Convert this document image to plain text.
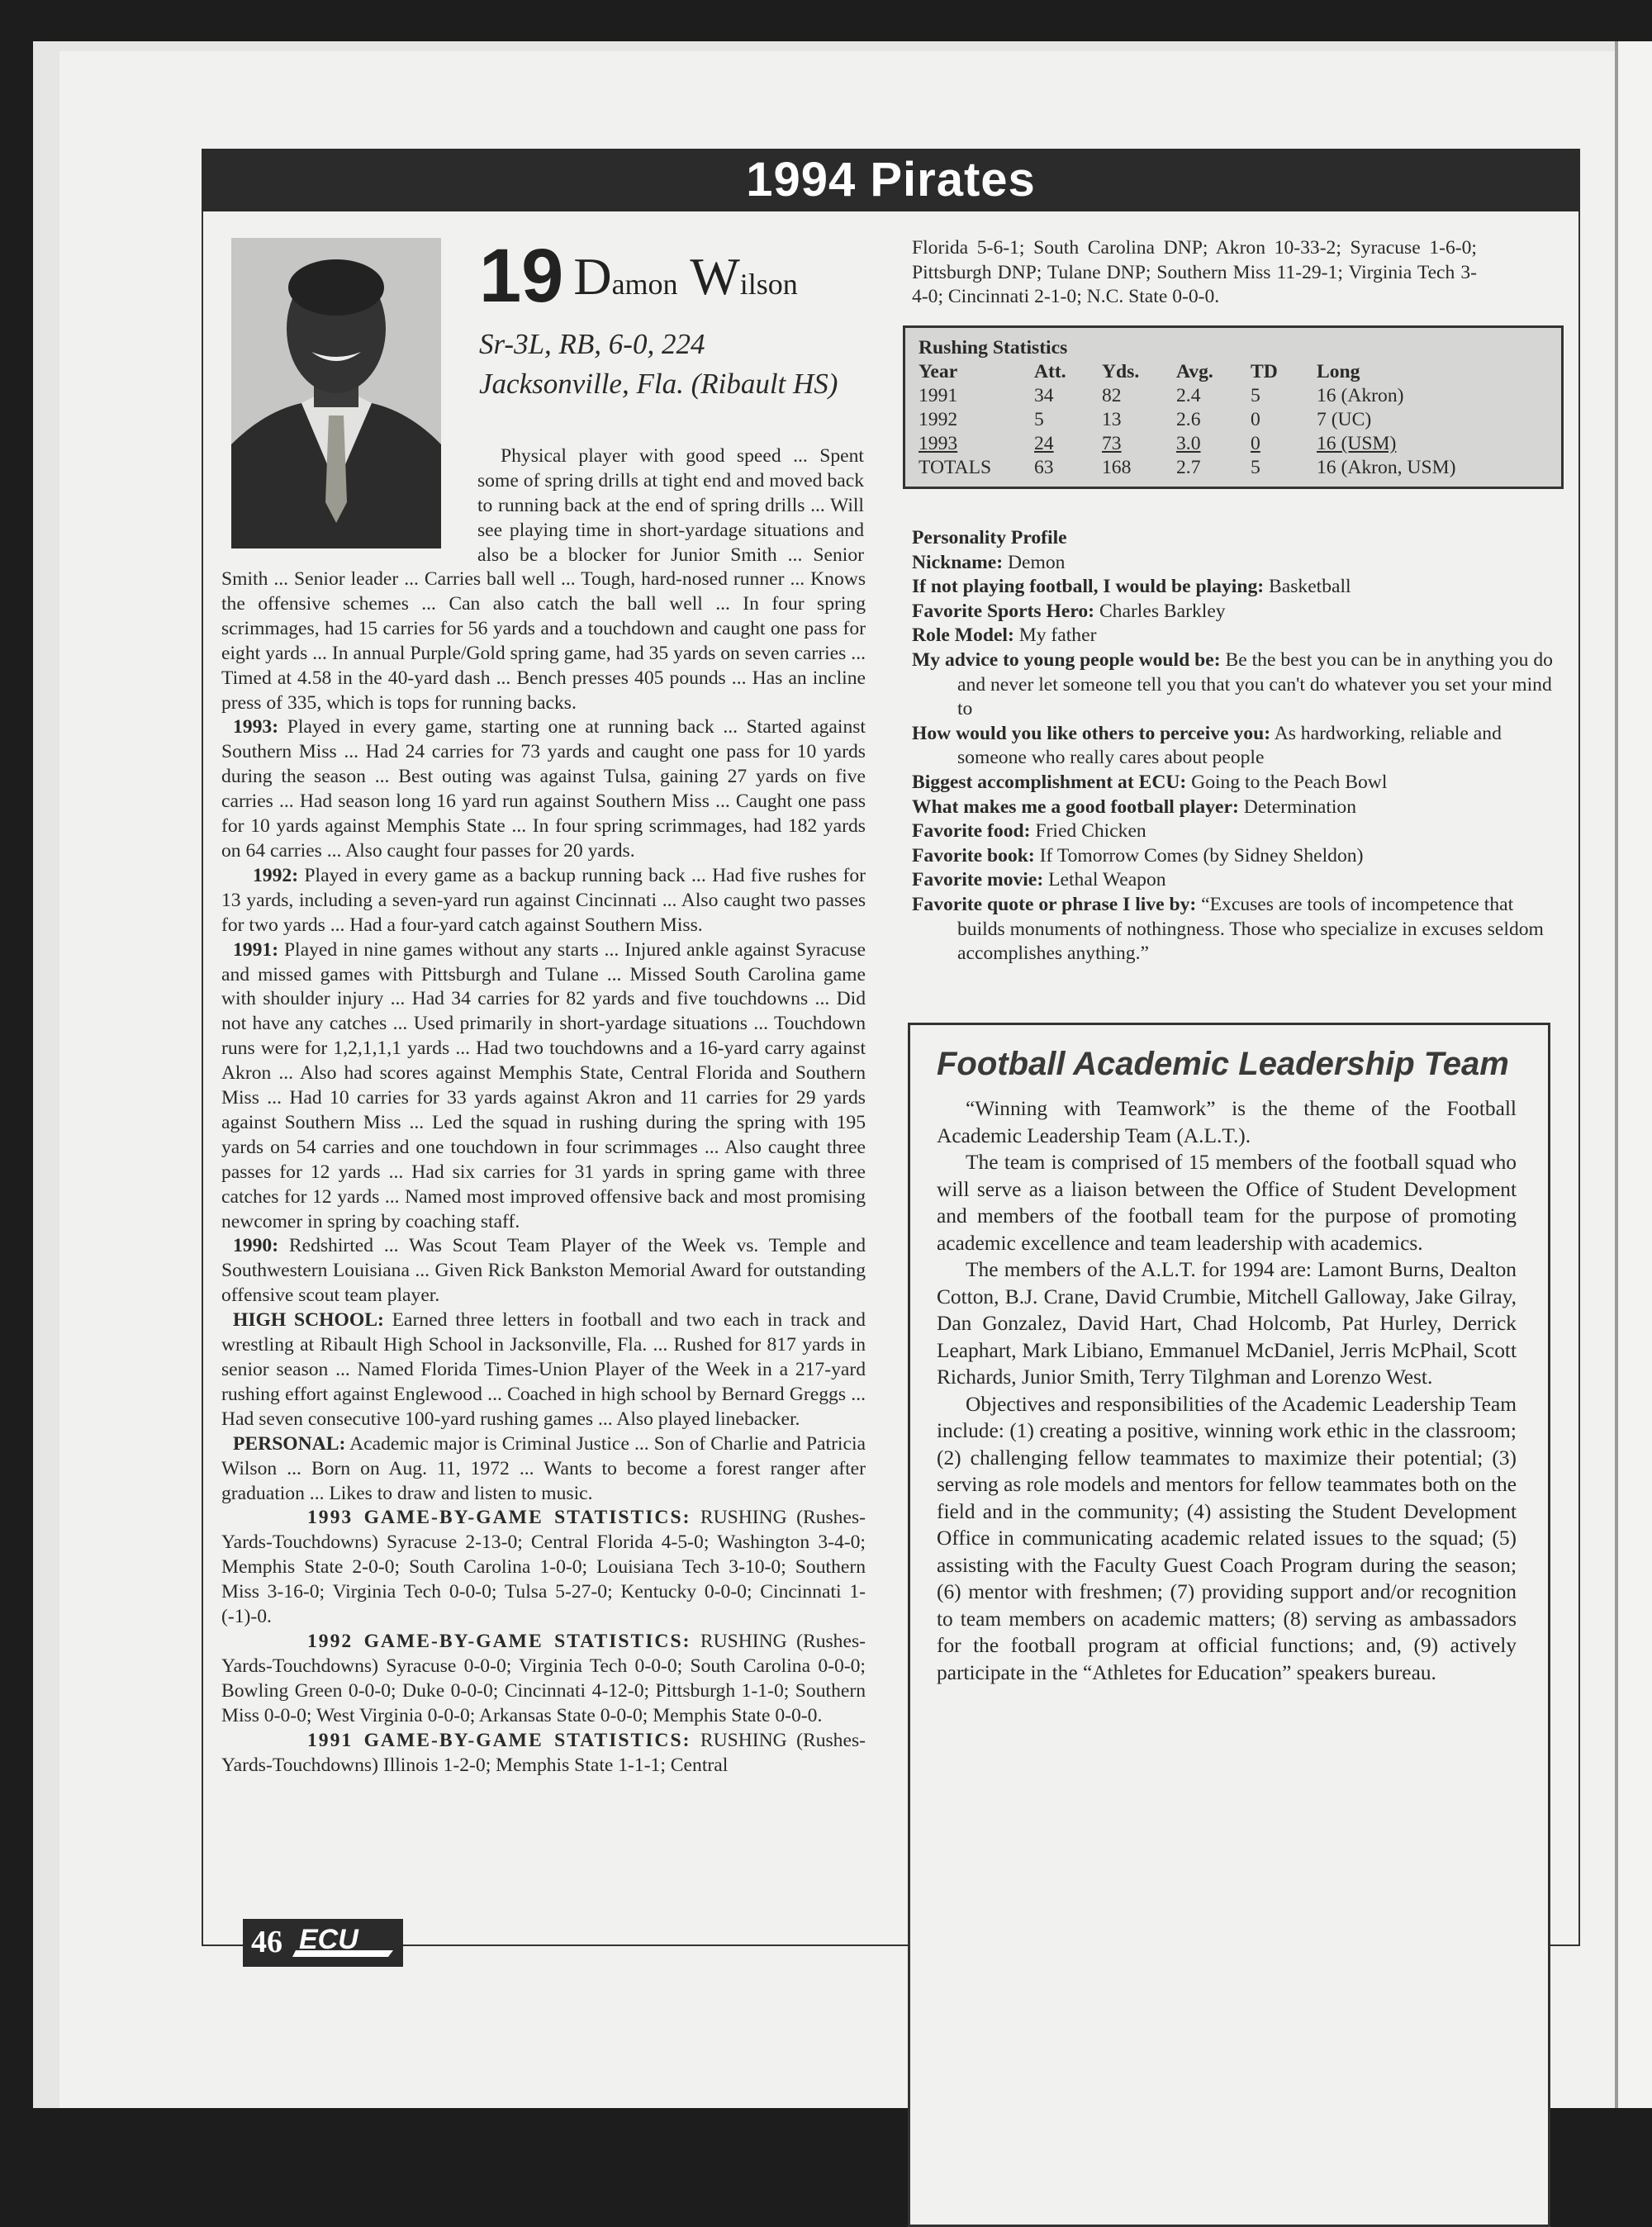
1994 Pirates
19 Damon Wilson
Sr-3L, RB, 6-0, 224
Jacksonville, Fla. (Ribault HS)

Physical player with good speed ... Spent some of spring drills at tight end and moved back to running back at the end of spring drills ... Will see playing time in short-yardage situations and also be a blocker for Junior Smith ... Senior

Smith ... Senior leader ... Carries ball well ... Tough, hard-nosed runner ... Knows the offensive schemes ... Can also catch the ball well ... In four spring scrimmages, had 15 carries for 56 yards and a touchdown and caught one pass for eight yards ... In annual Purple/Gold spring game, had 35 yards on seven carries ... Timed at 4.58 in the 40-yard dash ... Bench presses 405 pounds ... Has an incline press of 335, which is tops for running backs.

1993: Played in every game, starting one at running back ... Started against Southern Miss ... Had 24 carries for 73 yards and caught one pass for 10 yards during the season ... Best outing was against Tulsa, gaining 27 yards on five carries ... Had season long 16 yard run against Southern Miss ... Caught one pass for 10 yards against Memphis State ... In four spring scrimmages, had 182 yards on 64 carries ... Also caught four passes for 20 yards.

1992: Played in every game as a backup running back ... Had five rushes for 13 yards, including a seven-yard run against Cincinnati ... Also caught two passes for two yards ... Had a four-yard catch against Southern Miss.

1991: Played in nine games without any starts ... Injured ankle against Syracuse and missed games with Pittsburgh and Tulane ... Missed South Carolina game with shoulder injury ... Had 34 carries for 82 yards and five touchdowns ... Did not have any catches ... Used primarily in short-yardage situations ... Touchdown runs were for 1,2,1,1,1 yards ... Had two touchdowns and a 16-yard carry against Akron ... Also had scores against Memphis State, Central Florida and Southern Miss ... Had 10 carries for 33 yards against Akron and 11 carries for 29 yards against Southern Miss ... Led the squad in rushing during the spring with 195 yards on 54 carries and one touchdown in four scrimmages ... Also caught three passes for 12 yards ... Had six carries for 31 yards in spring game with three catches for 12 yards ... Named most improved offensive back and most promising newcomer in spring by coaching staff.

1990: Redshirted ... Was Scout Team Player of the Week vs. Temple and Southwestern Louisiana ... Given Rick Bankston Memorial Award for outstanding offensive scout team player.

HIGH SCHOOL: Earned three letters in football and two each in track and wrestling at Ribault High School in Jacksonville, Fla. ... Rushed for 817 yards in senior season ... Named Florida Times-Union Player of the Week in a 217-yard rushing effort against Englewood ... Coached in high school by Bernard Greggs ... Had seven consecutive 100-yard rushing games ... Also played linebacker.

PERSONAL: Academic major is Criminal Justice ... Son of Charlie and Patricia Wilson ... Born on Aug. 11, 1972 ... Wants to become a forest ranger after graduation ... Likes to draw and listen to music.

1993 GAME-BY-GAME STATISTICS: RUSHING (Rushes-Yards-Touchdowns) Syracuse 2-13-0; Central Florida 4-5-0; Washington 3-4-0; Memphis State 2-0-0; South Carolina 1-0-0; Louisiana Tech 3-10-0; Southern Miss 3-16-0; Virginia Tech 0-0-0; Tulsa 5-27-0; Kentucky 0-0-0; Cincinnati 1-(-1)-0.

1992 GAME-BY-GAME STATISTICS: RUSHING (Rushes-Yards-Touchdowns) Syracuse 0-0-0; Virginia Tech 0-0-0; South Carolina 0-0-0; Bowling Green 0-0-0; Duke 0-0-0; Cincinnati 4-12-0; Pittsburgh 1-1-0; Southern Miss 0-0-0; West Virginia 0-0-0; Arkansas State 0-0-0; Memphis State 0-0-0.

1991 GAME-BY-GAME STATISTICS: RUSHING (Rushes-Yards-Touchdowns) Illinois 1-2-0; Memphis State 1-1-1; Central

Florida 5-6-1; South Carolina DNP; Akron 10-33-2; Syracuse 1-6-0; Pittsburgh DNP; Tulane DNP; Southern Miss 11-29-1; Virginia Tech 3-4-0; Cincinnati 2-1-0; N.C. State 0-0-0.
Rushing Statistics
Year	Att.	Yds.	Avg.	TD	Long
1991	34	82	2.4	5	16 (Akron)
1992	5	13	2.6	0	7 (UC)
1993	24	73	3.0	0	16 (USM)
TOTALS	63	168	2.7	5	16 (Akron, USM)
Personality Profile
Nickname: Demon
If not playing football, I would be playing: Basketball
Favorite Sports Hero: Charles Barkley
Role Model: My father
My advice to young people would be: Be the best you can be in anything you do and never let someone tell you that you can't do whatever you set your mind to
How would you like others to perceive you: As hardworking, reliable and someone who really cares about people
Biggest accomplishment at ECU: Going to the Peach Bowl
What makes me a good football player: Determination
Favorite food: Fried Chicken
Favorite book: If Tomorrow Comes (by Sidney Sheldon)
Favorite movie: Lethal Weapon
Favorite quote or phrase I live by: “Excuses are tools of incompetence that builds monuments of nothingness. Those who specialize in excuses seldom accomplishes anything.”
Football Academic Leadership Team

“Winning with Teamwork” is the theme of the Football Academic Leadership Team (A.L.T.).

The team is comprised of 15 members of the football squad who will serve as a liaison between the Office of Student Development and members of the football team for the purpose of promoting academic excellence and team leadership with academics.

The members of the A.L.T. for 1994 are: Lamont Burns, Dealton Cotton, B.J. Crane, David Crumbie, Mitchell Galloway, Jake Gilray, Dan Gonzalez, David Hart, Chad Holcomb, Pat Hurley, Derrick Leaphart, Mark Libiano, Emmanuel McDaniel, Jerris McPhail, Scott Richards, Junior Smith, Terry Tilghman and Lorenzo West.

Objectives and responsibilities of the Academic Leadership Team include: (1) creating a positive, winning work ethic in the classroom; (2) challenging fellow teammates to maximize their potential; (3) serving as role models and mentors for fellow teammates both on the field and in the community; (4) assisting the Student Development Office in communicating academic related issues to the squad; (5) assisting with the Faculty Guest Coach Program during the season; (6) mentor with freshmen; (7) providing support and/or recognition to team members on academic matters; (8) serving as ambassadors for the football program at official functions; and, (9) actively participate in the “Athletes for Education” speakers bureau.

46 ECU
